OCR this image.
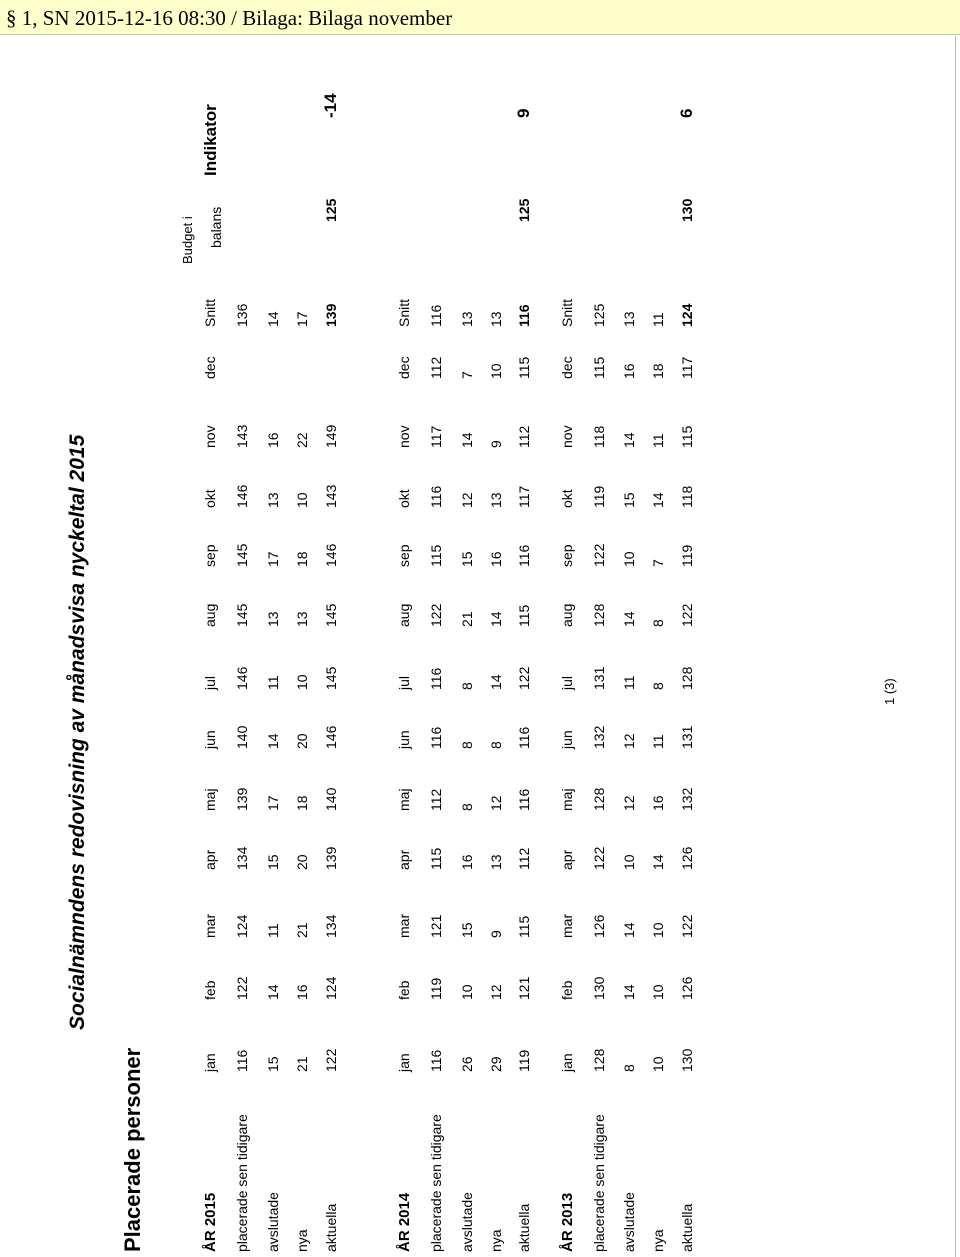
§ 1, SN 2015-12-16 08:30 / Bilaga: Bilaga november
Socialnämndens redovisning av månadsvisa nyckeltal 2015
Placerade personer
Budget i balans
Indikator
1 (3)
ÅR 2015
jan
feb
mar
apr
maj
jun
jul
aug
sep
okt
nov
dec
Snitt
placerade sen tidigare
116
122
124
134
139
140
146
145
145
146
143
136
avslutade
15
14
11
15
17
14
11
13
17
13
16
14
nya
21
16
21
20
18
20
10
13
18
10
22
17
aktuella
122
124
134
139
140
146
145
145
146
143
149
139
125
-14
ÅR 2014
jan
feb
mar
apr
maj
jun
jul
aug
sep
okt
nov
dec
Snitt
placerade sen tidigare
116
119
121
115
112
116
116
122
115
116
117
112
116
avslutade
26
10
15
16
8
8
8
21
15
12
14
7
13
nya
29
12
9
13
12
8
14
14
16
13
9
10
13
aktuella
119
121
115
112
116
116
122
115
116
117
112
115
116
125
9
ÅR 2013
jan
feb
mar
apr
maj
jun
jul
aug
sep
okt
nov
dec
Snitt
placerade sen tidigare
128
130
126
122
128
132
131
128
122
119
118
115
125
avslutade
8
14
14
10
12
12
11
14
10
15
14
16
13
nya
10
10
10
14
16
11
8
8
7
14
11
18
11
aktuella
130
126
122
126
132
131
128
122
119
118
115
117
124
130
6
